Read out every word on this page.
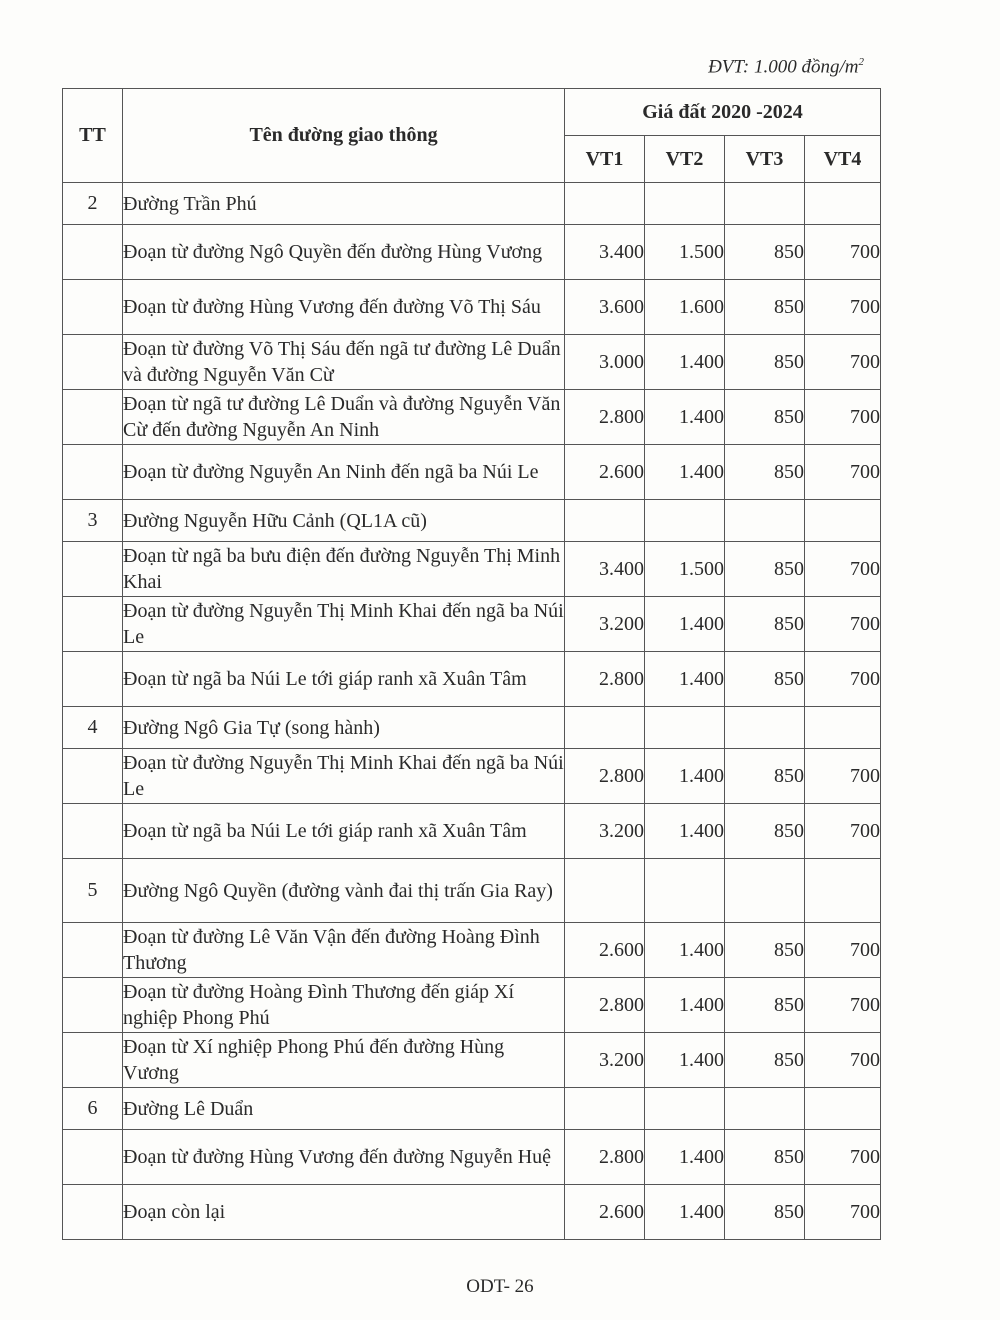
ĐVT: 1.000 đồng/$m^2$
TT	Tên đường giao thông	Giá đất 2020 -2024			
		VT1	VT2	VT3	VT4
2	Đường Trần Phú				
	Đoạn từ đường Ngô Quyền đến đường Hùng Vương	3.400	1.500	850	700
	Đoạn từ đường Hùng Vương đến đường Võ Thị Sáu	3.600	1.600	850	700
	Đoạn từ đường Võ Thị Sáu đến ngã tư đường Lê Duẩn và đường Nguyễn Văn Cừ	3.000	1.400	850	700
	Đoạn từ ngã tư đường Lê Duẩn và đường Nguyễn Văn Cừ đến đường Nguyễn An Ninh	2.800	1.400	850	700
	Đoạn từ đường Nguyễn An Ninh đến ngã ba Núi Le	2.600	1.400	850	700
3	Đường Nguyễn Hữu Cảnh (QL1A cũ)				
	Đoạn từ ngã ba bưu điện đến đường Nguyễn Thị Minh Khai	3.400	1.500	850	700
	Đoạn từ đường Nguyễn Thị Minh Khai đến ngã ba Núi Le	3.200	1.400	850	700
	Đoạn từ ngã ba Núi Le tới giáp ranh xã Xuân Tâm	2.800	1.400	850	700
4	Đường Ngô Gia Tự (song hành)				
	Đoạn từ đường Nguyễn Thị Minh Khai đến ngã ba Núi Le	2.800	1.400	850	700
	Đoạn từ ngã ba Núi Le tới giáp ranh xã Xuân Tâm	3.200	1.400	850	700
5	Đường Ngô Quyền (đường vành đai thị trấn Gia Ray)				
	Đoạn từ đường Lê Văn Vận đến đường Hoàng Đình Thương	2.600	1.400	850	700
	Đoạn từ đường Hoàng Đình Thương đến giáp Xí nghiệp Phong Phú	2.800	1.400	850	700
	Đoạn từ Xí nghiệp Phong Phú đến đường Hùng Vương	3.200	1.400	850	700
6	Đường Lê Duẩn				
	Đoạn từ đường Hùng Vương đến đường Nguyễn Huệ	2.800	1.400	850	700
	Đoạn còn lại	2.600	1.400	850	700
ODT- 26
